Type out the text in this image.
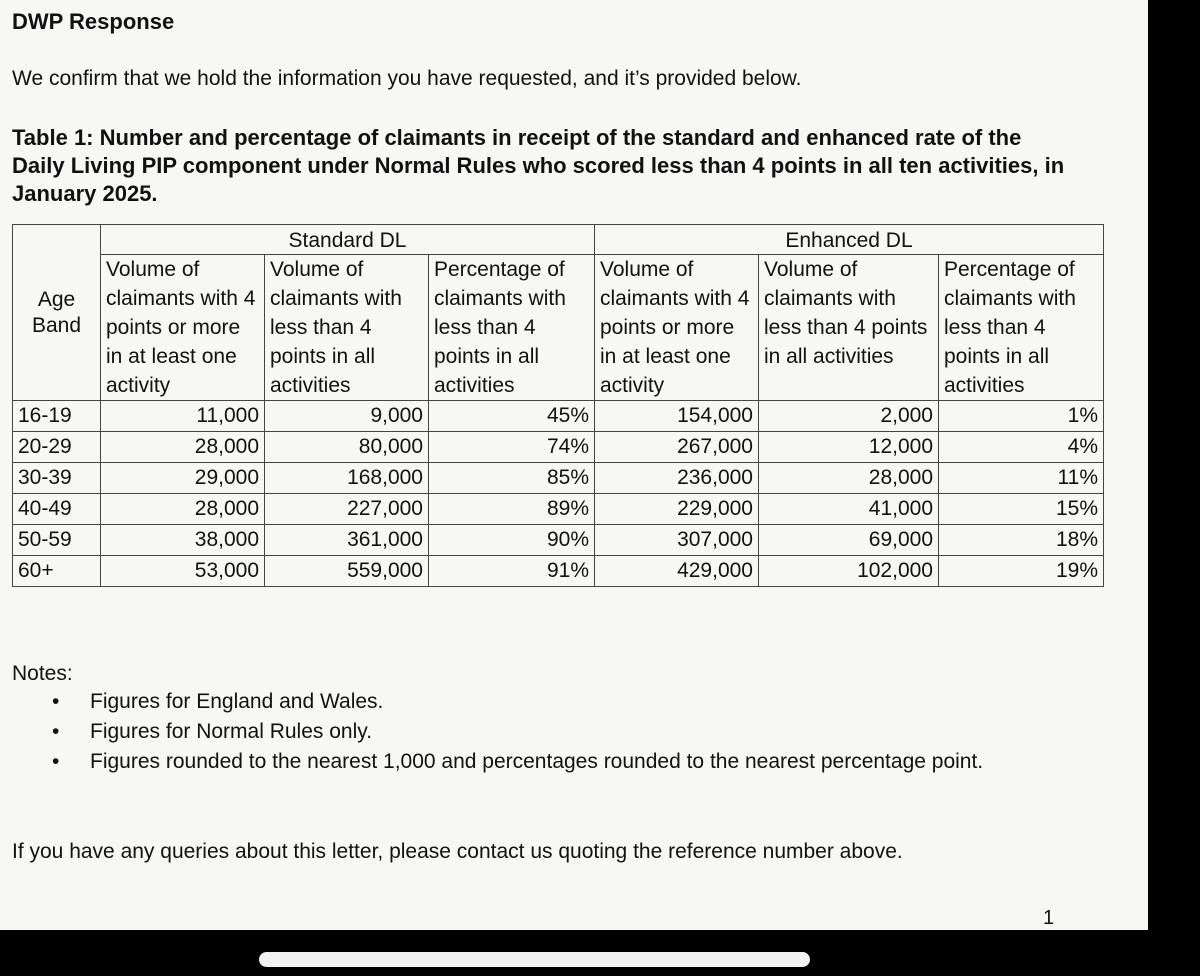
DWP Response
We confirm that we hold the information you have requested, and it’s provided below.

Table 1: Number and percentage of claimants in receipt of the standard and enhanced rate of the Daily Living PIP component under Normal Rules who scored less than 4 points in all ten activities, in January 2025.

Age Band	Standard DL			Enhanced DL		
	Volume of claimants with 4 points or more in at least one activity	Volume of claimants with less than 4 points in all activities	Percentage of claimants with less than 4 points in all activities	Volume of claimants with 4 points or more in at least one activity	Volume of claimants with less than 4 points in all activities	Percentage of claimants with less than 4 points in all activities
16-19	11,000	9,000	45%	154,000	2,000	1%
20-29	28,000	80,000	74%	267,000	12,000	4%
30-39	29,000	168,000	85%	236,000	28,000	11%
40-49	28,000	227,000	89%	229,000	41,000	15%
50-59	38,000	361,000	90%	307,000	69,000	18%
60+	53,000	559,000	91%	429,000	102,000	19%
Notes:
• Figures for England and Wales.
• Figures for Normal Rules only.
• Figures rounded to the nearest 1,000 and percentages rounded to the nearest percentage point.
If you have any queries about this letter, please contact us quoting the reference number above.
1
